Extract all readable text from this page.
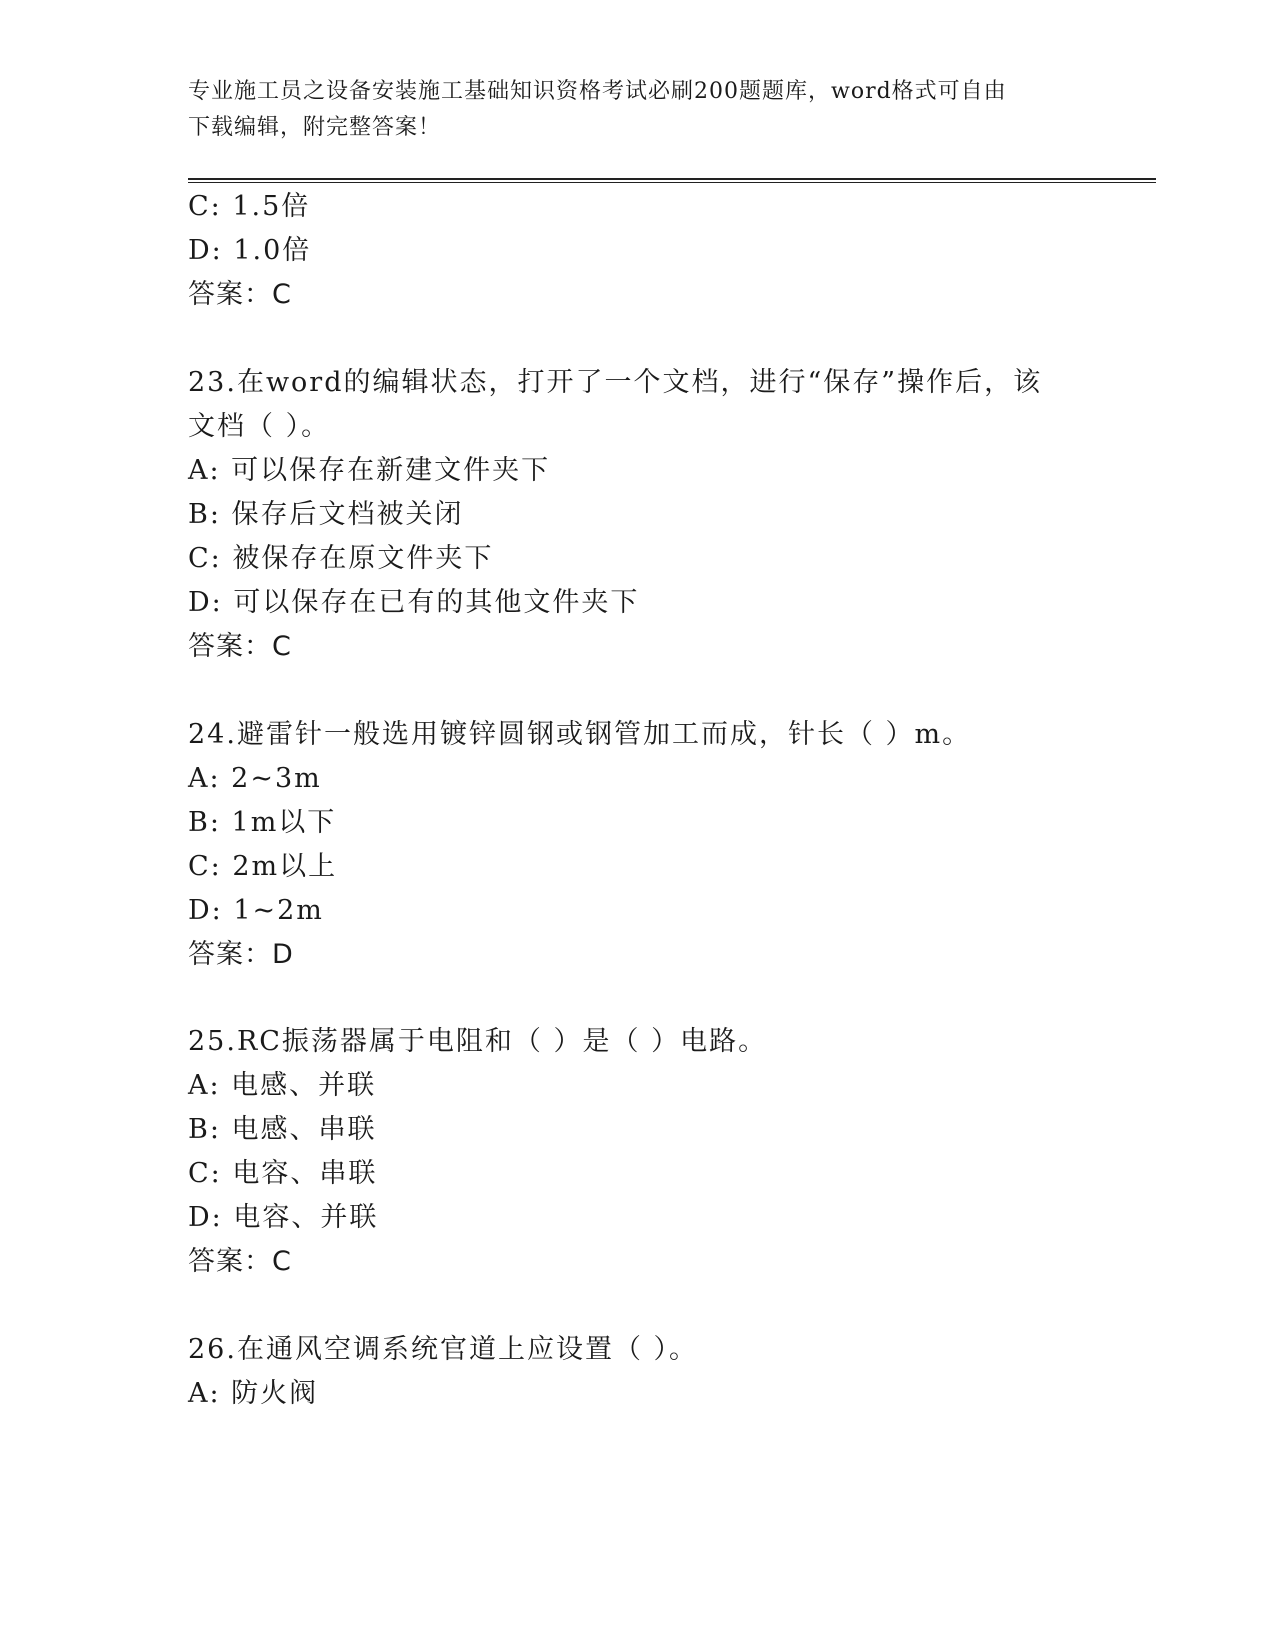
专业施工员之设备安装施工基础知识资格考试必刷200题题库，word格式可自由
下载编辑，附完整答案！
C: 1.5倍
D: 1.0倍
答案：C
23.在word的编辑状态，打开了一个文档，进行“保存”操作后，该
文档（ ）。
A: 可以保存在新建文件夹下
B: 保存后文档被关闭
C: 被保存在原文件夹下
D: 可以保存在已有的其他文件夹下
答案：C
24.避雷针一般选用镀锌圆钢或钢管加工而成，针长（ ）m。
A: 2~3m
B: 1m以下
C: 2m以上
D: 1~2m
答案：D
25.RC振荡器属于电阻和（ ）是（ ）电路。
A: 电感、并联
B: 电感、串联
C: 电容、串联
D: 电容、并联
答案：C
26.在通风空调系统官道上应设置（ ）。
A: 防火阀
